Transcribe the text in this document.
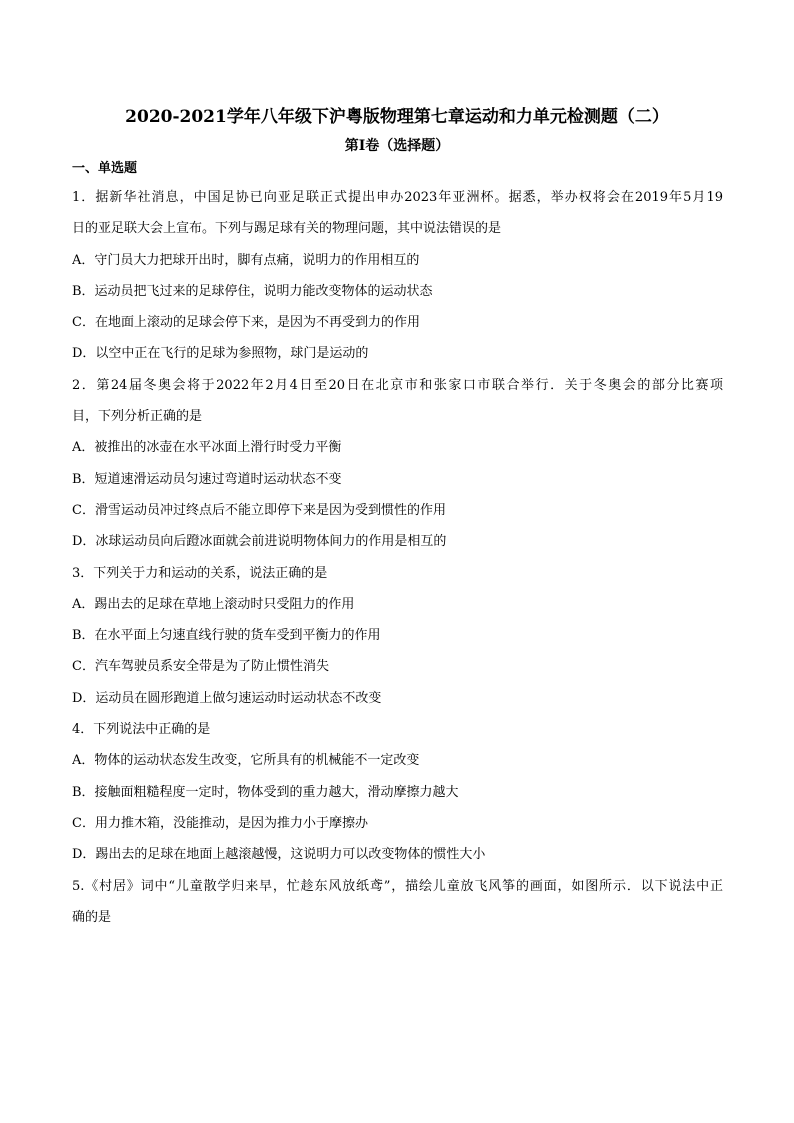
2020-2021学年八年级下沪粤版物理第七章运动和力单元检测题（二）
第I卷（选择题）
一、单选题
1．据新华社消息，中国足协已向亚足联正式提出申办2023年亚洲杯。据悉，举办权将会在2019年5月19
日的亚足联大会上宣布。下列与踢足球有关的物理问题，其中说法错误的是
A．守门员大力把球开出时，脚有点痛，说明力的作用相互的
B．运动员把飞过来的足球停住，说明力能改变物体的运动状态
C．在地面上滚动的足球会停下来，是因为不再受到力的作用
D．以空中正在飞行的足球为参照物，球门是运动的
2．第24届冬奥会将于2022年2月4日至20日在北京市和张家口市联合举行．关于冬奥会的部分比赛项
目，下列分析正确的是
A．被推出的冰壶在水平冰面上滑行时受力平衡
B．短道速滑运动员匀速过弯道时运动状态不变
C．滑雪运动员冲过终点后不能立即停下来是因为受到惯性的作用
D．冰球运动员向后蹬冰面就会前进说明物体间力的作用是相互的
3．下列关于力和运动的关系，说法正确的是
A．踢出去的足球在草地上滚动时只受阻力的作用
B．在水平面上匀速直线行驶的货车受到平衡力的作用
C．汽车驾驶员系安全带是为了防止惯性消失
D．运动员在圆形跑道上做匀速运动时运动状态不改变
4．下列说法中正确的是
A．物体的运动状态发生改变，它所具有的机械能不一定改变
B．接触面粗糙程度一定时，物体受到的重力越大，滑动摩擦力越大
C．用力推木箱，没能推动，是因为推力小于摩擦办
D．踢出去的足球在地面上越滚越慢，这说明力可以改变物体的惯性大小
5.《村居》词中“儿童散学归来早，忙趁东风放纸鸢”，描绘儿童放飞风筝的画面，如图所示．以下说法中正
确的是
